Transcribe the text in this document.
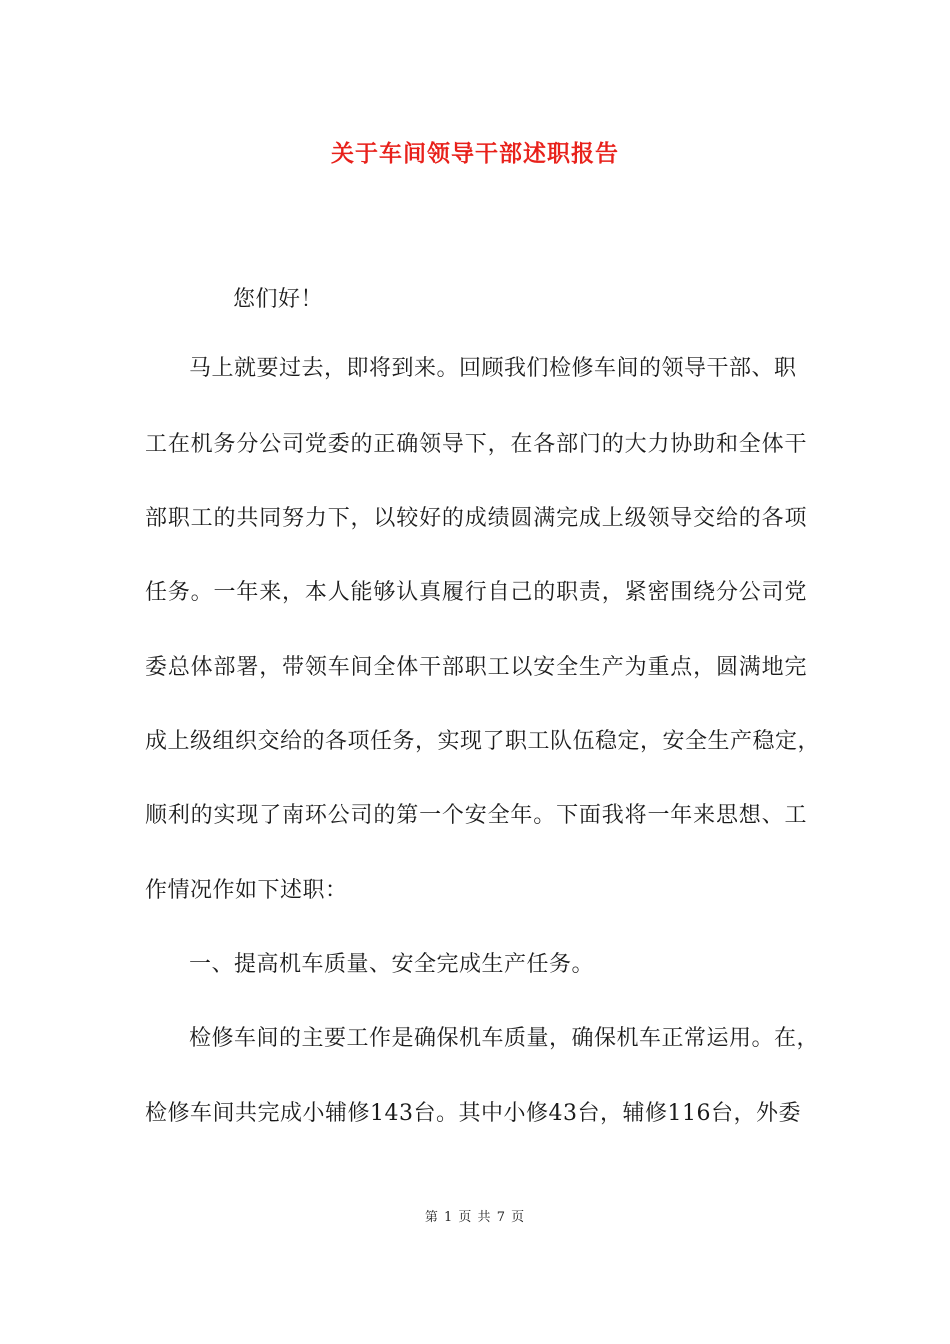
关于车间领导干部述职报告
您们好！
马上就要过去，即将到来。回顾我们检修车间的领导干部、职
工在机务分公司党委的正确领导下，在各部门的大力协助和全体干
部职工的共同努力下，以较好的成绩圆满完成上级领导交给的各项
任务。一年来，本人能够认真履行自己的职责，紧密围绕分公司党
委总体部署，带领车间全体干部职工以安全生产为重点，圆满地完
成上级组织交给的各项任务，实现了职工队伍稳定，安全生产稳定，
顺利的实现了南环公司的第一个安全年。下面我将一年来思想、工
作情况作如下述职：
一、提高机车质量、安全完成生产任务。
检修车间的主要工作是确保机车质量，确保机车正常运用。在，
检修车间共完成小辅修143台。其中小修43台，辅修116台，外委
第 1 页 共 7 页
